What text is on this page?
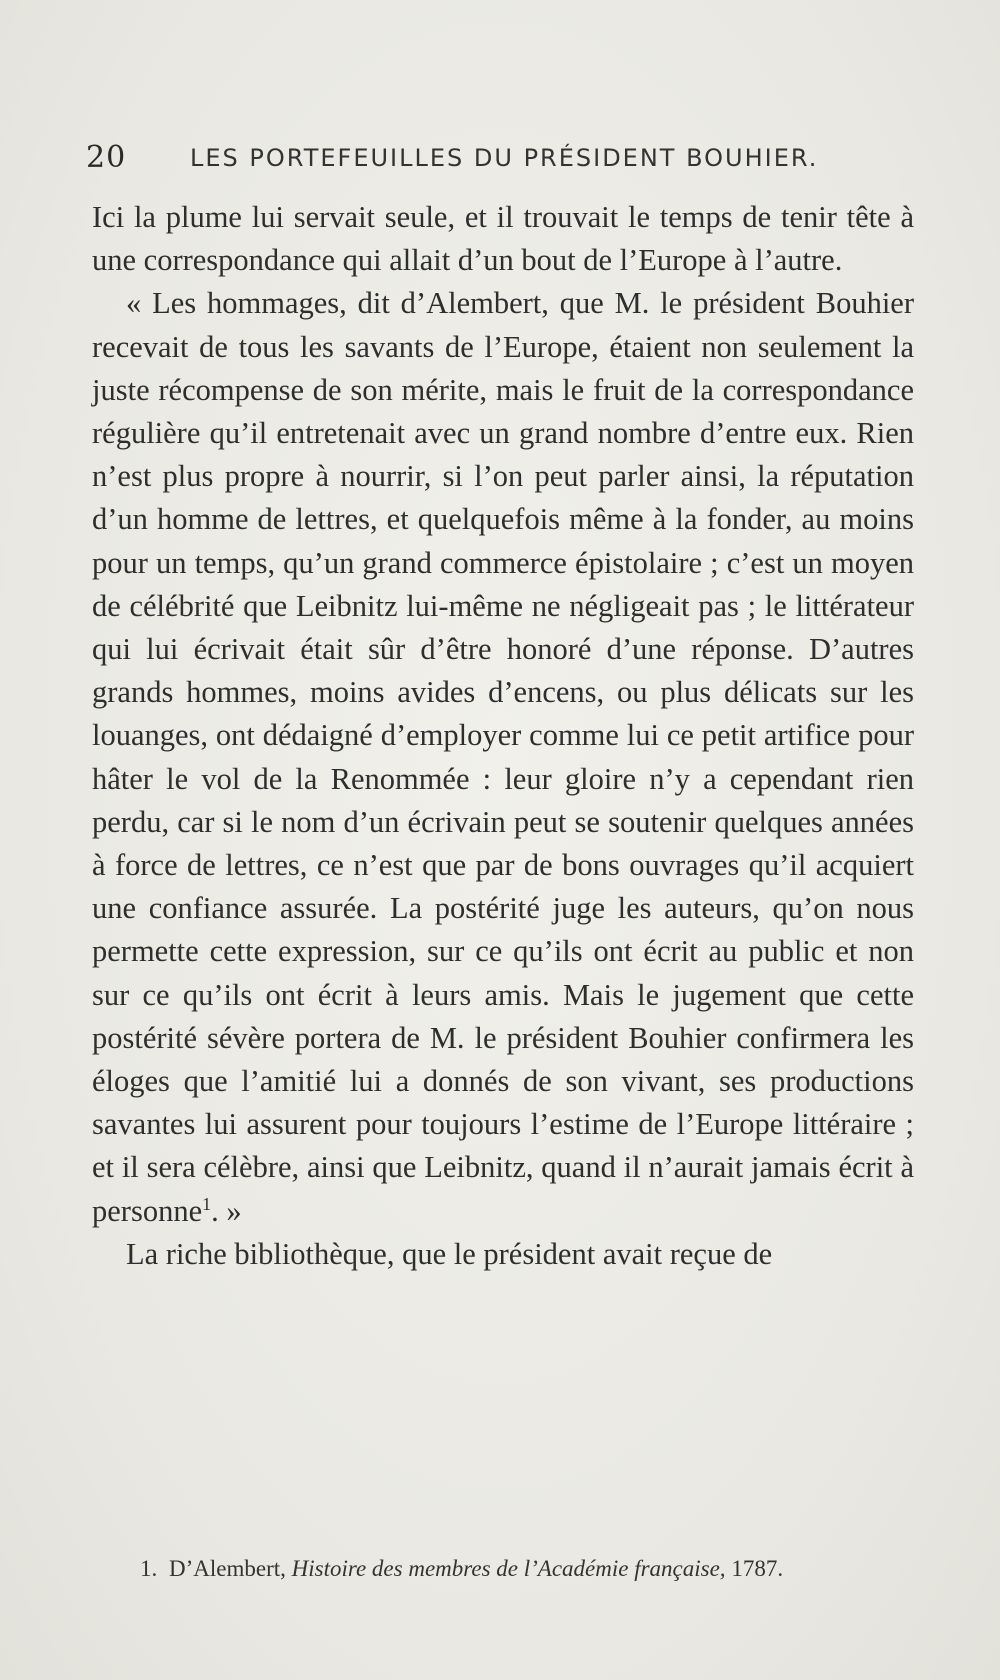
20	LES PORTEFEUILLES DU PRÉSIDENT BOUHIER.

Ici la plume lui servait seule, et il trouvait le temps de tenir tête à une correspondance qui allait d’un bout de l’Europe à l’autre.

« Les hommages, dit d’Alembert, que M. le président Bouhier recevait de tous les savants de l’Europe, étaient non seulement la juste récompense de son mérite, mais le fruit de la correspondance régulière qu’il entretenait avec un grand nombre d’entre eux. Rien n’est plus propre à nourrir, si l’on peut parler ainsi, la réputation d’un homme de lettres, et quelquefois même à la fonder, au moins pour un temps, qu’un grand commerce épistolaire ; c’est un moyen de célébrité que Leibnitz lui-même ne négligeait pas ; le littérateur qui lui écrivait était sûr d’être honoré d’une réponse. D’autres grands hommes, moins avides d’encens, ou plus délicats sur les louanges, ont dédaigné d’employer comme lui ce petit artifice pour hâter le vol de la Renommée : leur gloire n’y a cependant rien perdu, car si le nom d’un écrivain peut se soutenir quelques années à force de lettres, ce n’est que par de bons ouvrages qu’il acquiert une confiance assurée. La postérité juge les auteurs, qu’on nous permette cette expression, sur ce qu’ils ont écrit au public et non sur ce qu’ils ont écrit à leurs amis. Mais le jugement que cette postérité sévère portera de M. le président Bouhier confirmera les éloges que l’amitié lui a donnés de son vivant, ses productions savantes lui assurent pour toujours l’estime de l’Europe littéraire ; et il sera célèbre, ainsi que Leibnitz, quand il n’aurait jamais écrit à personne$^1$. »

La riche bibliothèque, que le président avait reçue de

1. D’Alembert, Histoire des membres de l’Académie française, 1787.
